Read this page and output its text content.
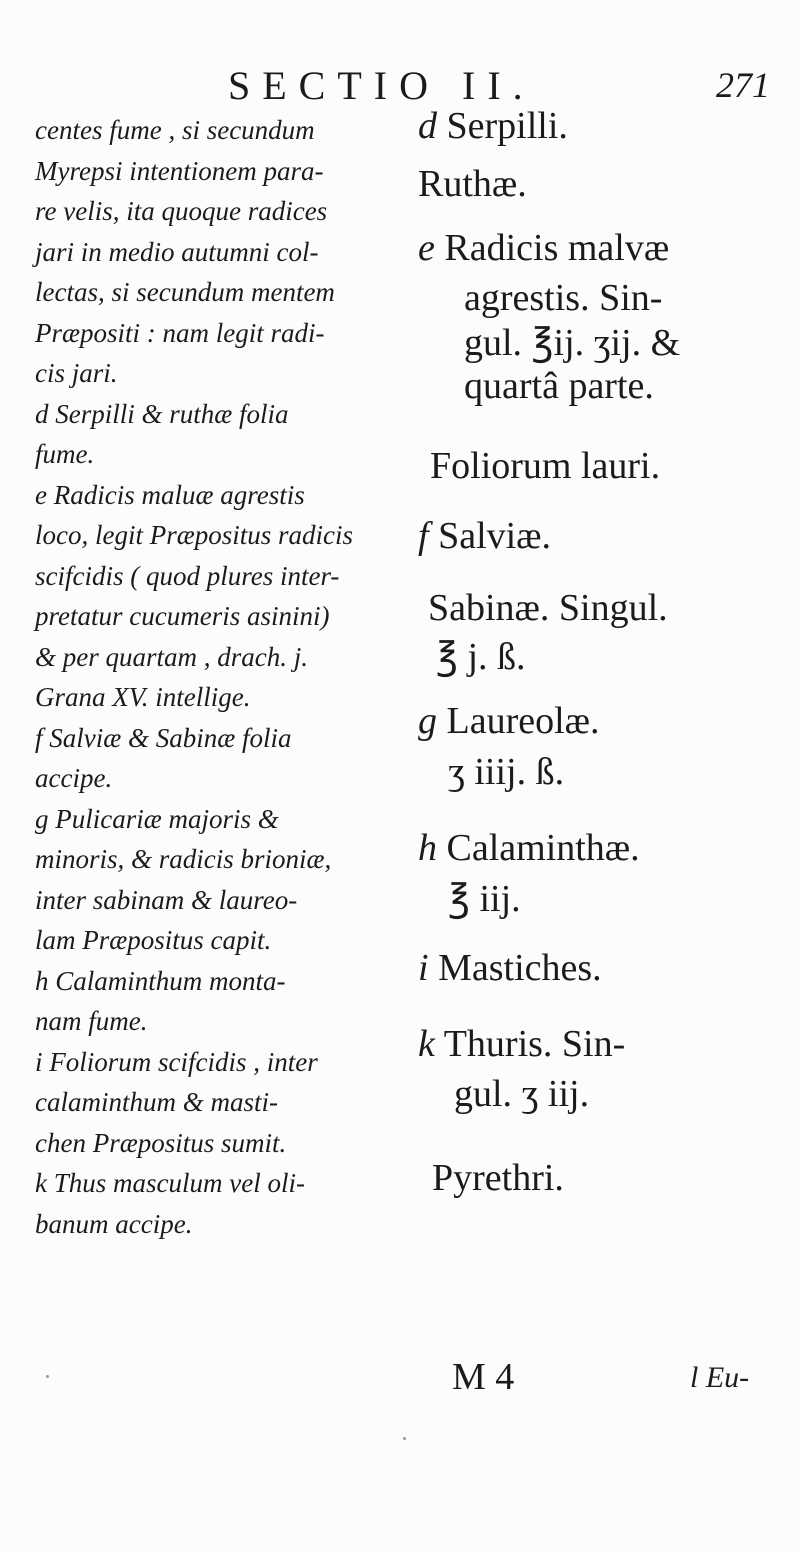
SECTIO II.	271
centes fume , si secundum
Myrepsi intentionem para-
re velis, ita quoque radices
jari in medio autumni col-
lectas, si secundum mentem
Præpositi : nam legit radi-
cis jari.
d Serpilli & ruthæ folia
fume.
e Radicis maluæ agrestis
loco, legit Præpositus radicis
scifcidis ( quod plures inter-
pretatur cucumeris asinini)
& per quartam , drach. j.
Grana XV. intellige.
f Salviæ & Sabinæ folia
accipe.
g Pulicariæ majoris &
minoris, & radicis brioniæ,
inter sabinam & laureo-
lam Præpositus capit.
h Calaminthum monta-
nam fume.
i Foliorum scifcidis , inter
calaminthum & masti-
chen Præpositus sumit.
k Thus masculum vel oli-
banum accipe.
d Serpilli.
Ruthæ.
e Radicis malvæ
agrestis. Sin-
gul. ℥ij. ʒij. &
quartâ parte.
Foliorum lauri.
f Salviæ.
Sabinæ. Singul.
℥ j. ß.
g Laureolæ.
ʒ iiij. ß.
h Calaminthæ.
℥ iij.
i Mastiches.
k Thuris. Sin-
gul. ʒ iij.
Pyrethri.
M 4	l Eu-
